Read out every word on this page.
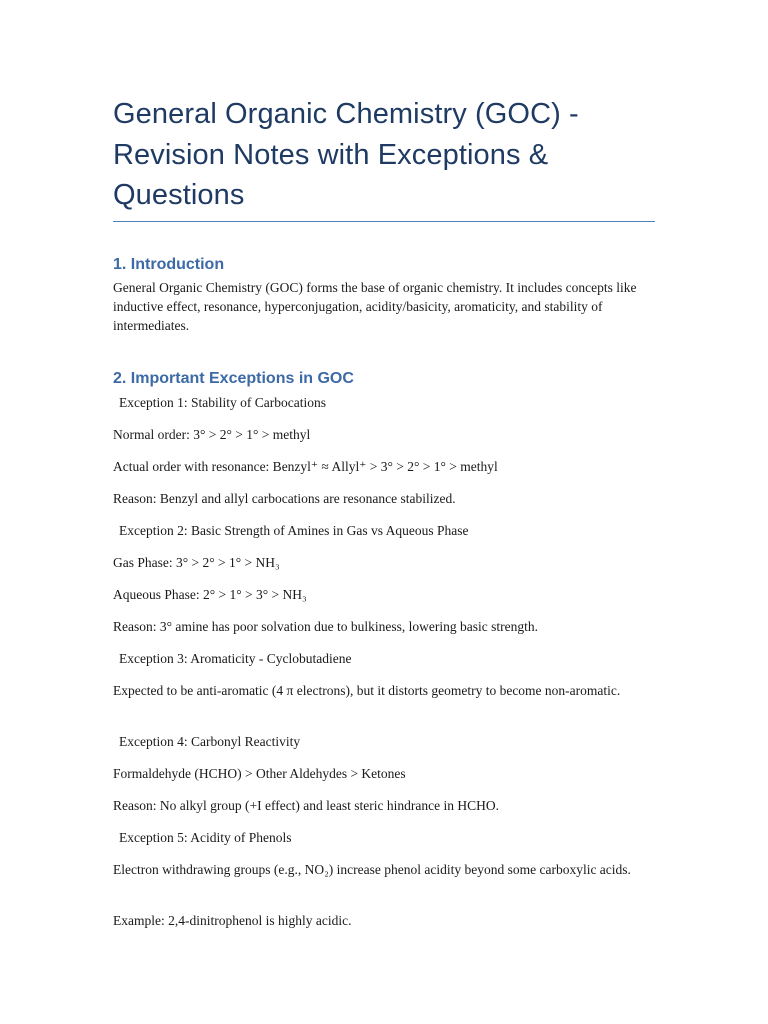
General Organic Chemistry (GOC) - Revision Notes with Exceptions & Questions
1. Introduction

General Organic Chemistry (GOC) forms the base of organic chemistry. It includes concepts like inductive effect, resonance, hyperconjugation, acidity/basicity, aromaticity, and stability of intermediates.

2. Important Exceptions in GOC

Exception 1: Stability of Carbocations

Normal order: 3° > 2° > 1° > methyl

Actual order with resonance: Benzyl⁺ ≈ Allyl⁺ > 3° > 2° > 1° > methyl

Reason: Benzyl and allyl carbocations are resonance stabilized.

Exception 2: Basic Strength of Amines in Gas vs Aqueous Phase

Gas Phase: 3° > 2° > 1° > NH₃

Aqueous Phase: 2° > 1° > 3° > NH₃

Reason: 3° amine has poor solvation due to bulkiness, lowering basic strength.

Exception 3: Aromaticity - Cyclobutadiene

Expected to be anti-aromatic (4 π electrons), but it distorts geometry to become non-aromatic.

Exception 4: Carbonyl Reactivity

Formaldehyde (HCHO) > Other Aldehydes > Ketones

Reason: No alkyl group (+I effect) and least steric hindrance in HCHO.

Exception 5: Acidity of Phenols

Electron withdrawing groups (e.g., NO₂) increase phenol acidity beyond some carboxylic acids.

Example: 2,4-dinitrophenol is highly acidic.
